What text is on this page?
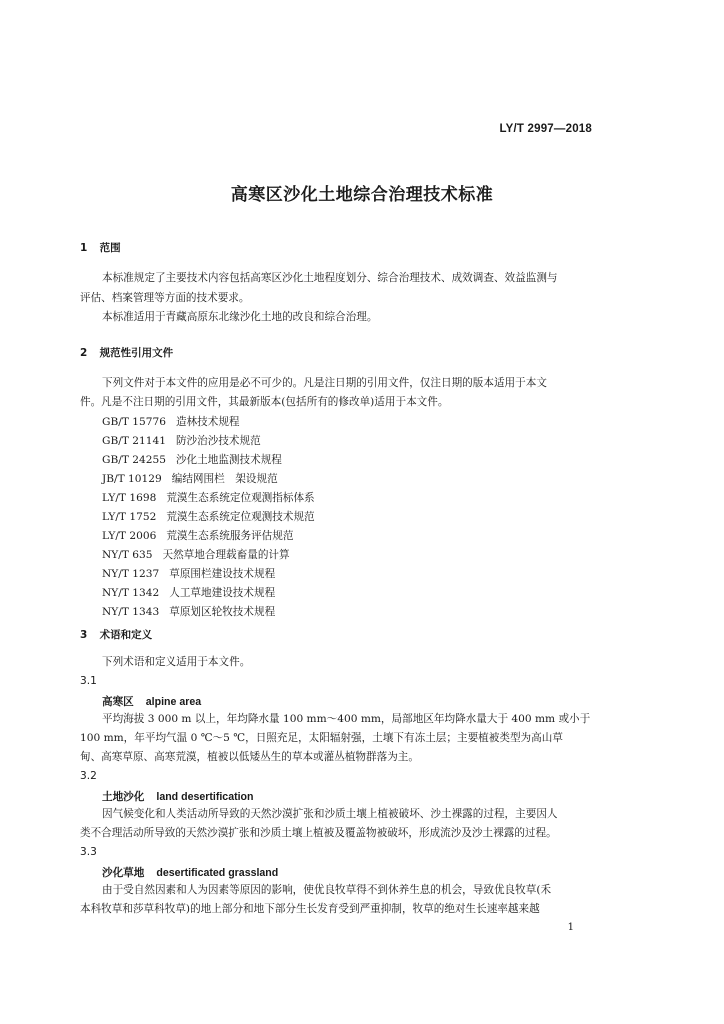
LY/T 2997—2018
高寒区沙化土地综合治理技术标准
1 范围
本标准规定了主要技术内容包括高寒区沙化土地程度划分、综合治理技术、成效调查、效益监测与
评估、档案管理等方面的技术要求。
本标准适用于青藏高原东北缘沙化土地的改良和综合治理。
2 规范性引用文件
下列文件对于本文件的应用是必不可少的。凡是注日期的引用文件，仅注日期的版本适用于本文
件。凡是不注日期的引用文件，其最新版本(包括所有的修改单)适用于本文件。
GB/T 15776 造林技术规程
GB/T 21141 防沙治沙技术规范
GB/T 24255 沙化土地监测技术规程
JB/T 10129 编结网围栏　架设规范
LY/T 1698 荒漠生态系统定位观测指标体系
LY/T 1752 荒漠生态系统定位观测技术规范
LY/T 2006 荒漠生态系统服务评估规范
NY/T 635 天然草地合理载畜量的计算
NY/T 1237 草原围栏建设技术规程
NY/T 1342 人工草地建设技术规程
NY/T 1343 草原划区轮牧技术规程
3 术语和定义
下列术语和定义适用于本文件。
3.1
高寒区 alpine area
平均海拔 3 000 m 以上，年均降水量 100 mm～400 mm，局部地区年均降水量大于 400 mm 或小于
100 mm，年平均气温 0 ℃～5 ℃，日照充足，太阳辐射强，土壤下有冻土层；主要植被类型为高山草
甸、高寒草原、高寒荒漠，植被以低矮丛生的草本或灌丛植物群落为主。
3.2
土地沙化 land desertification
因气候变化和人类活动所导致的天然沙漠扩张和沙质土壤上植被破坏、沙土裸露的过程，主要因人
类不合理活动所导致的天然沙漠扩张和沙质土壤上植被及覆盖物被破坏，形成流沙及沙土裸露的过程。
3.3
沙化草地 desertificated grassland
由于受自然因素和人为因素等原因的影响，使优良牧草得不到休养生息的机会，导致优良牧草(禾
本科牧草和莎草科牧草)的地上部分和地下部分生长发育受到严重抑制，牧草的绝对生长速率越来越
1
